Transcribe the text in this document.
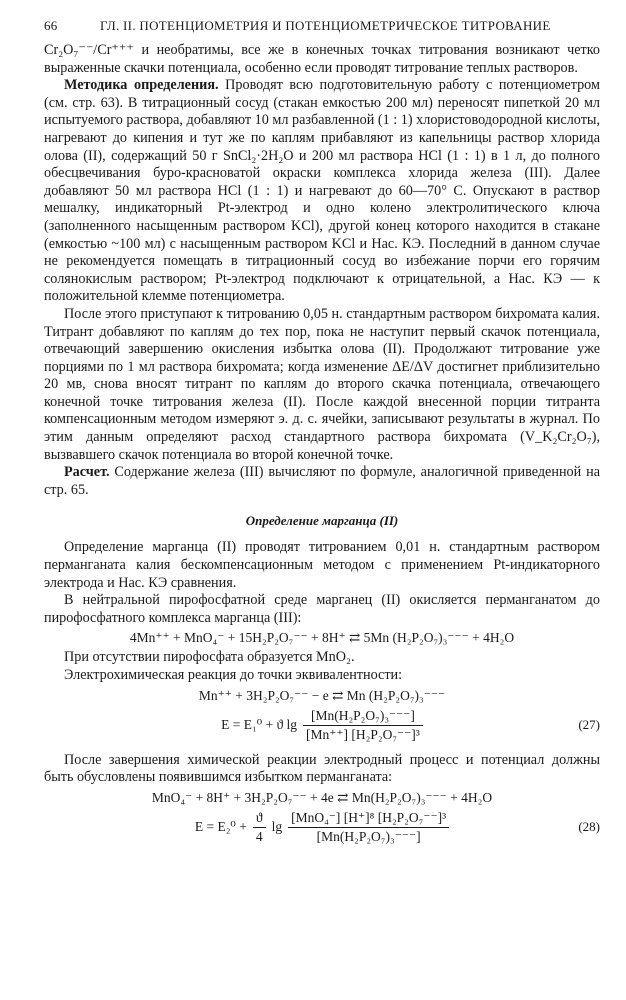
66	ГЛ. II. ПОТЕНЦИОМЕТРИЯ И ПОТЕНЦИОМЕТРИЧЕСКОЕ ТИТРОВАНИЕ

Cr₂O₇⁻⁻/Cr⁺⁺⁺ и необратимы, все же в конечных точках титрования возникают четко выраженные скачки потенциала, особенно если проводят титрование теплых растворов.

Методика определения. Проводят всю подготовительную работу с потенциометром (см. стр. 63). В титрационный сосуд (стакан емкостью 200 мл) переносят пипеткой 20 мл испытуемого раствора, добавляют 10 мл разбавленной (1 : 1) хлористоводородной кислоты, нагревают до кипения и тут же по каплям прибавляют из капельницы раствор хлорида олова (II), содержащий 50 г SnCl₂·2H₂O и 200 мл раствора HCl (1 : 1) в 1 л, до полного обесцвечивания буро-красноватой окраски комплекса хлорида железа (III). Далее добавляют 50 мл раствора HCl (1 : 1) и нагревают до 60—70° C. Опускают в раствор мешалку, индикаторный Pt-электрод и одно колено электролитического ключа (заполненного насыщенным раствором KCl), другой конец которого находится в стакане (емкостью ~100 мл) с насыщенным раствором KCl и Нас. КЭ. Последний в данном случае не рекомендуется помещать в титрационный сосуд во избежание порчи его горячим солянокислым раствором; Pt-электрод подключают к отрицательной, а Нас. КЭ — к положительной клемме потенциометра.

После этого приступают к титрованию 0,05 н. стандартным раствором бихромата калия. Титрант добавляют по каплям до тех пор, пока не наступит первый скачок потенциала, отвечающий завершению окисления избытка олова (II). Продолжают титрование уже порциями по 1 мл раствора бихромата; когда изменение ΔE/ΔV достигнет приблизительно 20 мв, снова вносят титрант по каплям до второго скачка потенциала, отвечающего конечной точке титрования железа (II). После каждой внесенной порции титранта компенсационным методом измеряют э. д. с. ячейки, записывают результаты в журнал. По этим данным определяют расход стандартного раствора бихромата (V_K₂Cr₂O₇), вызвавшего скачок потенциала во второй конечной точке.

Расчет. Содержание железа (III) вычисляют по формуле, аналогичной приведенной на стр. 65.

Определение марганца (II)

Определение марганца (II) проводят титрованием 0,01 н. стандартным раствором перманганата калия бескомпенсационным методом с применением Pt-индикаторного электрода и Нас. КЭ сравнения.

В нейтральной пирофосфатной среде марганец (II) окисляется перманганатом до пирофосфатного комплекса марганца (III):

4Mn⁺⁺ + MnO₄⁻ + 15H₂P₂O₇⁻⁻ + 8H⁺ ⇄ 5Mn (H₂P₂O₇)₃⁻⁻⁻ + 4H₂O

При отсутствии пирофосфата образуется MnO₂.

Электрохимическая реакция до точки эквивалентности:

Mn⁺⁺ + 3H₂P₂O₇⁻⁻ − e ⇄ Mn (H₂P₂O₇)₃⁻⁻⁻
E = E₁⁰ + ϑ $\lg \frac{\text{[Mn(H₂P₂O₇)₃⁻⁻⁻]}}{\text{[Mn⁺⁺] [H₂P₂O₇⁻⁻]³}}$	(27)

После завершения химической реакции электродный процесс и потенциал должны быть обусловлены появившимся избытком перманганата:

MnO₄⁻ + 8H⁺ + 3H₂P₂O₇⁻⁻ + 4e ⇄ Mn(H₂P₂O₇)₃⁻⁻⁻ + 4H₂O
$E = E_2^0 + \frac{ϑ}{4}$ $\lg \frac{\text{[MnO₄⁻] [H⁺]⁸ [H₂P₂O₇⁻⁻]³}}{\text{[Mn(H₂P₂O₇)₃⁻⁻⁻]}}$	(28)
